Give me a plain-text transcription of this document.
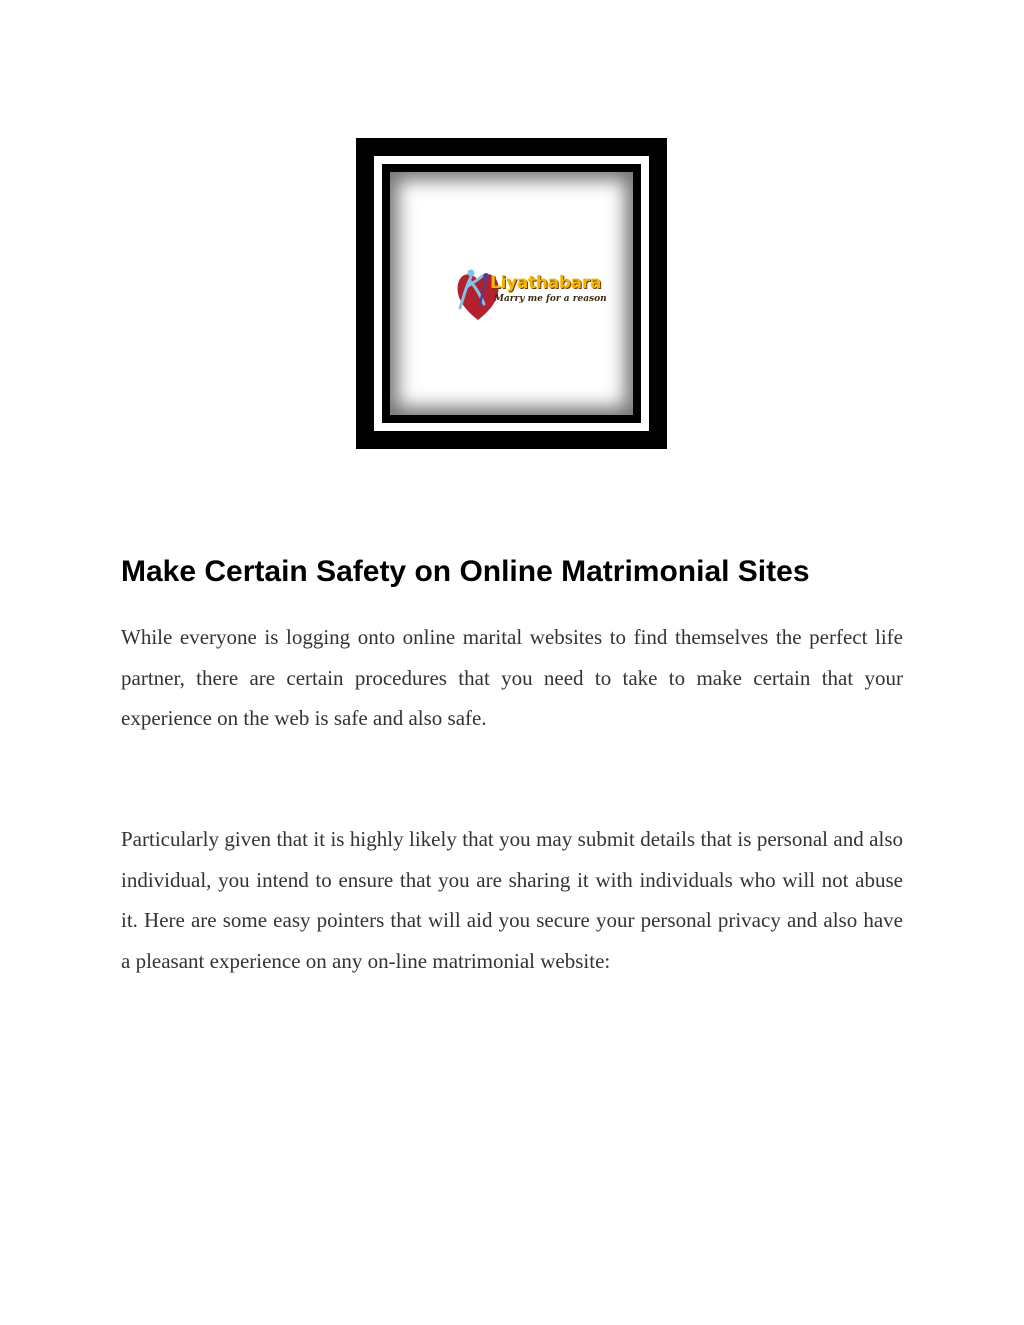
Liyathabara
Marry me for a reason
Make Certain Safety on Online Matrimonial Sites

While everyone is logging onto online marital websites to find themselves the perfect life partner, there are certain procedures that you need to take to make certain that your experience on the web is safe and also safe.

Particularly given that it is highly likely that you may submit details that is personal and also individual, you intend to ensure that you are sharing it with individuals who will not abuse it. Here are some easy pointers that will aid you secure your personal privacy and also have a pleasant experience on any on-line matrimonial website:
